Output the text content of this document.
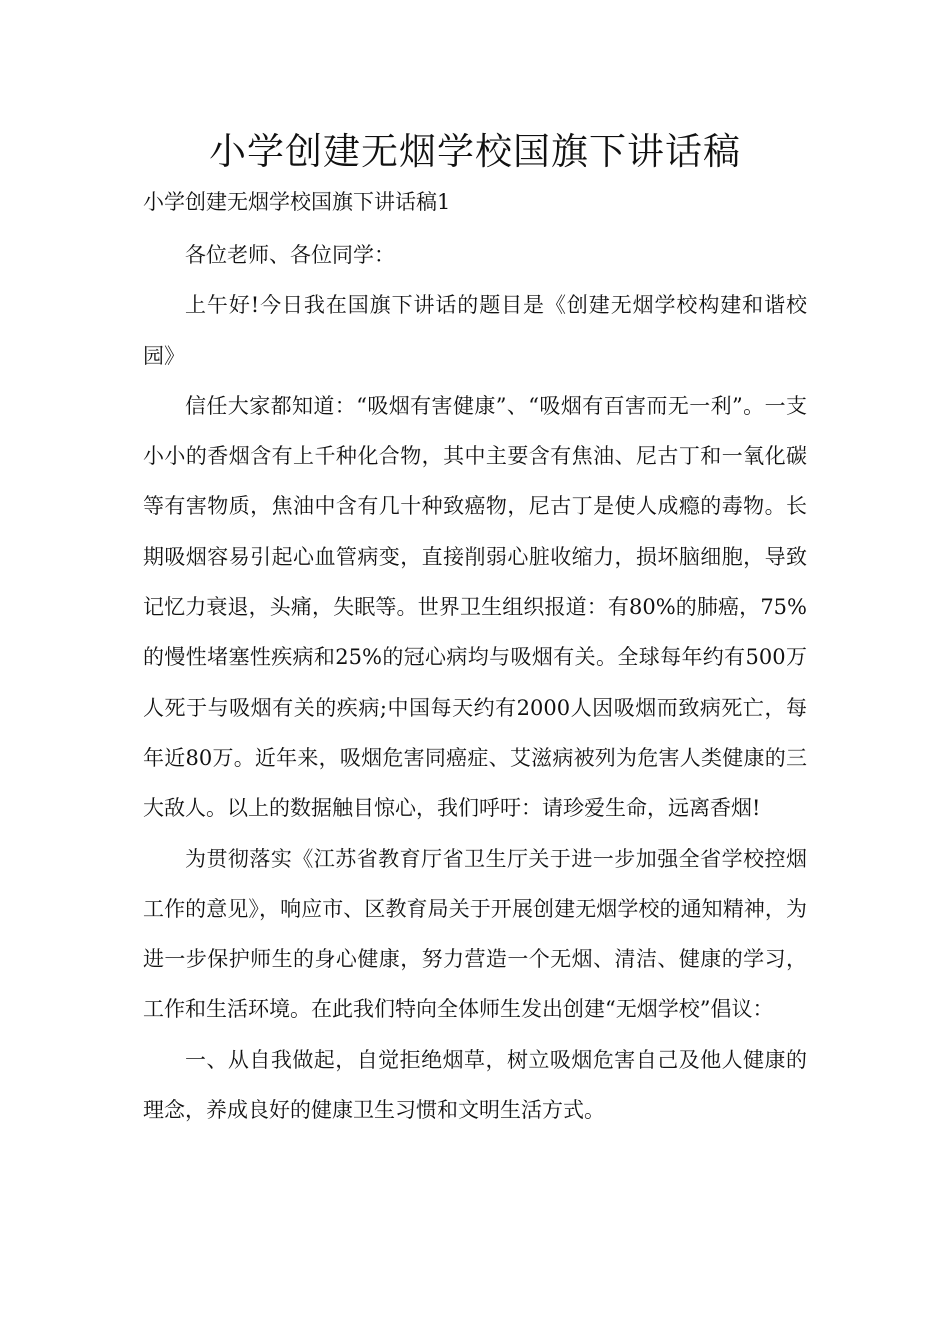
小学创建无烟学校国旗下讲话稿
小学创建无烟学校国旗下讲话稿1

各位老师、各位同学：

上午好!今日我在国旗下讲话的题目是《创建无烟学校构建和谐校园》

信任大家都知道：“吸烟有害健康”、“吸烟有百害而无一利”。一支小小的香烟含有上千种化合物，其中主要含有焦油、尼古丁和一氧化碳等有害物质，焦油中含有几十种致癌物，尼古丁是使人成瘾的毒物。长期吸烟容易引起心血管病变，直接削弱心脏收缩力，损坏脑细胞，导致记忆力衰退，头痛，失眠等。世界卫生组织报道：有80%的肺癌，75%的慢性堵塞性疾病和25%的冠心病均与吸烟有关。全球每年约有500万人死于与吸烟有关的疾病;中国每天约有2000人因吸烟而致病死亡，每年近80万。近年来，吸烟危害同癌症、艾滋病被列为危害人类健康的三大敌人。以上的数据触目惊心，我们呼吁：请珍爱生命，远离香烟!

为贯彻落实《江苏省教育厅省卫生厅关于进一步加强全省学校控烟工作的意见》，响应市、区教育局关于开展创建无烟学校的通知精神，为进一步保护师生的身心健康，努力营造一个无烟、清洁、健康的学习，工作和生活环境。在此我们特向全体师生发出创建“无烟学校”倡议：

一、从自我做起，自觉拒绝烟草，树立吸烟危害自己及他人健康的理念，养成良好的健康卫生习惯和文明生活方式。
